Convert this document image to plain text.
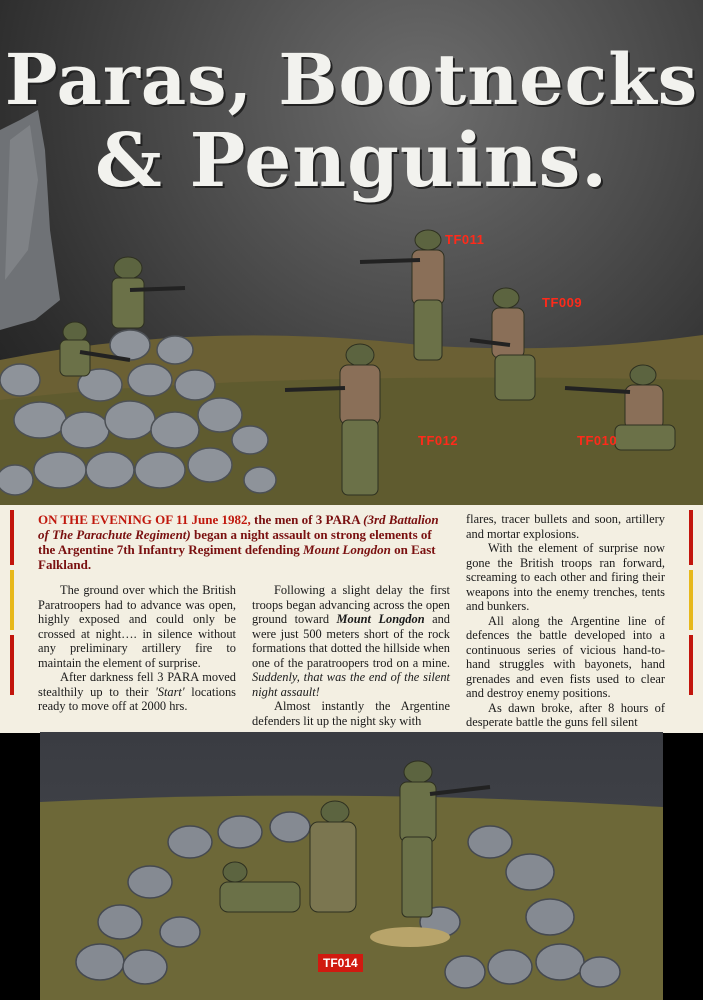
Paras, Bootnecks
& Penguins.
TF011
TF009
TF012	TF010
ON THE EVENING OF 11 June 1982, the men of 3 PARA (3rd Battalion of The Parachute Regiment) began a night assault on strong elements of the Argentine 7th Infantry Regiment defending Mount Longdon on East Falkland.

The ground over which the British Paratroopers had to advance was open, highly exposed and could only be crossed at night…. in silence without any preliminary artillery fire to maintain the element of surprise.

After darkness fell 3 PARA moved stealthily up to their 'Start' locations ready to move off at 2000 hrs.

Following a slight delay the first troops began advancing across the open ground toward Mount Longdon and were just 500 meters short of the rock formations that dotted the hillside when one of the paratroopers trod on a mine. Suddenly, that was the end of the silent night assault!

Almost instantly the Argentine defenders lit up the night sky with

flares, tracer bullets and soon, artillery and mortar explosions.

With the element of surprise now gone the British troops ran forward, screaming to each other and firing their weapons into the enemy trenches, tents and bunkers.

All along the Argentine line of defences the battle developed into a continuous series of vicious hand-to-hand struggles with bayonets, hand grenades and even fists used to clear and destroy enemy positions.

As dawn broke, after 8 hours of desperate battle the guns fell silent

TF014
